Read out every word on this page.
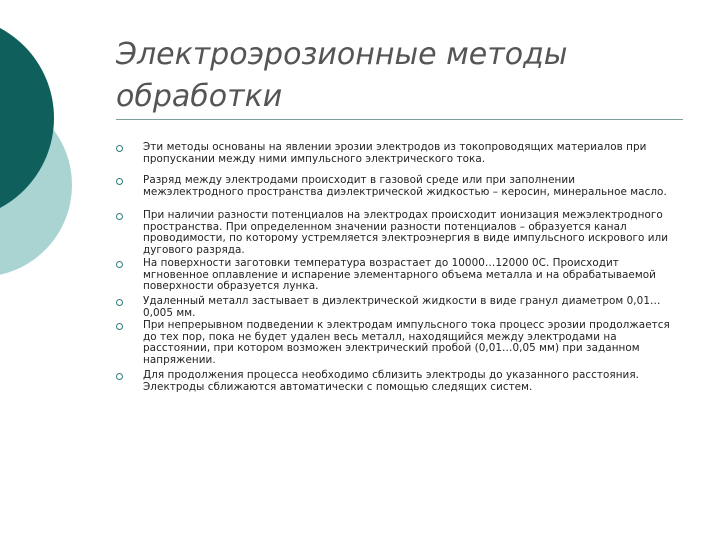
Электроэрозионные методы обработки
Эти методы основаны на явлении эрозии электродов из токопроводящих материалов при пропускании между ними импульсного электрического тока.
Разряд между электродами происходит в газовой среде или при заполнении межэлектродного пространства диэлектрической жидкостью – керосин, минеральное масло.
При наличии разности потенциалов на электродах происходит ионизация межэлектродного пространства. При определенном значении разности потенциалов – образуется канал проводимости, по которому устремляется электроэнергия в виде импульсного искрового или дугового разряда.
На поверхности заготовки температура возрастает до 10000…12000 0С. Происходит мгновенное оплавление и испарение элементарного объема металла и на обрабатываемой поверхности образуется лунка.
Удаленный металл застывает в диэлектрической жидкости в виде гранул диаметром 0,01…0,005 мм.
При непрерывном подведении к электродам импульсного тока процесс эрозии продолжается до тех пор, пока не будет удален весь металл, находящийся между электродами на расстоянии, при котором возможен электрический пробой (0,01…0,05 мм) при заданном напряжении.
Для продолжения процесса необходимо сблизить электроды до указанного расстояния. Электроды сближаются автоматически с помощью следящих систем.
